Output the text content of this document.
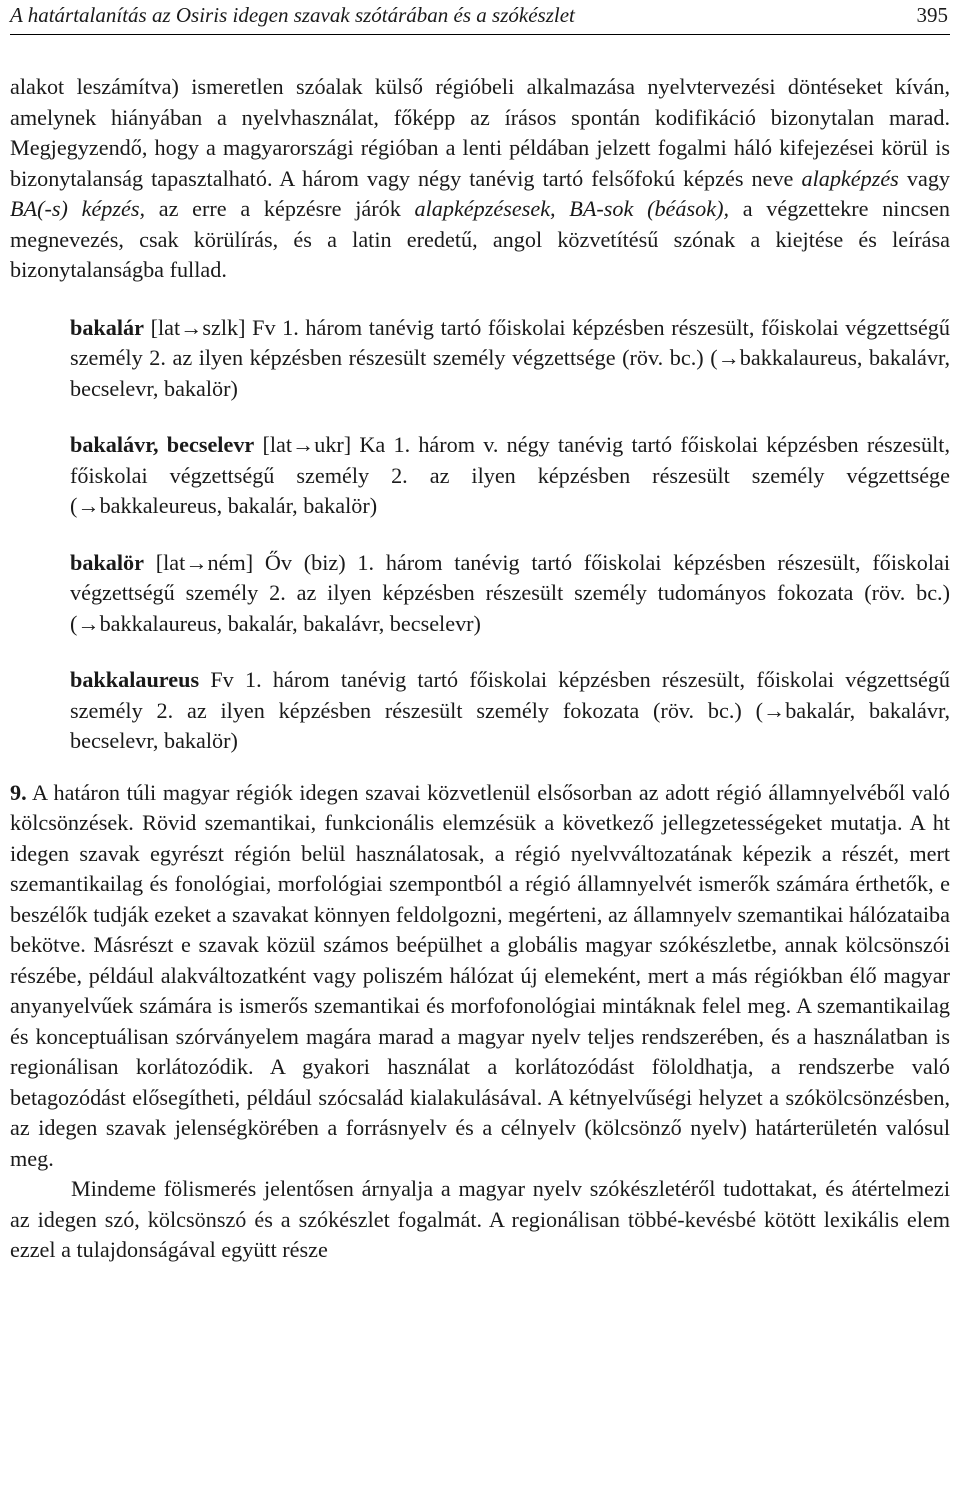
A határtalanítás az Osiris idegen szavak szótárában és a szókészlet	395

alakot leszámítva) ismeretlen szóalak külső régióbeli alkalmazása nyelvtervezési döntéseket kíván, amelynek hiányában a nyelvhasználat, főképp az írásos spontán kodifikáció bizonytalan marad. Megjegyzendő, hogy a magyarországi régióban a lenti példában jelzett fogalmi háló kifejezései körül is bizonytalanság tapasztalható. A három vagy négy tanévig tartó felsőfokú képzés neve alapképzés vagy BA(-s) képzés, az erre a képzésre járók alapképzésesek, BA-sok (béások), a végzettekre nincsen megnevezés, csak körülírás, és a latin eredetű, angol közvetítésű szónak a kiejtése és leírása bizonytalanságba fullad.

bakalár [lat→szlk] Fv 1. három tanévig tartó főiskolai képzésben részesült, főiskolai végzettségű személy 2. az ilyen képzésben részesült személy végzettsége (röv. bc.) (→bakkalaureus, bakalávr, becselevr, bakalör)

bakalávr, becselevr [lat→ukr] Ka 1. három v. négy tanévig tartó főiskolai képzésben részesült, főiskolai végzettségű személy 2. az ilyen képzésben részesült személy végzettsége (→bakkaleureus, bakalár, bakalör)

bakalör [lat→ném] Őv (biz) 1. három tanévig tartó főiskolai képzésben részesült, főiskolai végzettségű személy 2. az ilyen képzésben részesült személy tudományos fokozata (röv. bc.) (→bakkalaureus, bakalár, bakalávr, becselevr)

bakkalaureus Fv 1. három tanévig tartó főiskolai képzésben részesült, főiskolai végzettségű személy 2. az ilyen képzésben részesült személy fokozata (röv. bc.) (→bakalár, bakalávr, becselevr, bakalör)

9. A határon túli magyar régiók idegen szavai közvetlenül elsősorban az adott régió államnyelvéből való kölcsönzések. Rövid szemantikai, funkcionális elemzésük a következő jellegzetességeket mutatja. A ht idegen szavak egyrészt régión belül használatosak, a régió nyelvváltozatának képezik a részét, mert szemantikailag és fonológiai, morfológiai szempontból a régió államnyelvét ismerők számára érthetők, e beszélők tudják ezeket a szavakat könnyen feldolgozni, megérteni, az államnyelv szemantikai hálózataiba bekötve. Másrészt e szavak közül számos beépülhet a globális magyar szókészletbe, annak kölcsönszói részébe, például alakváltozatként vagy poliszém hálózat új elemeként, mert a más régiókban élő magyar anyanyelvűek számára is ismerős szemantikai és morfofonológiai mintáknak felel meg. A szemantikailag és konceptuálisan szórványelem magára marad a magyar nyelv teljes rendszerében, és a használatban is regionálisan korlátozódik. A gyakori használat a korlátozódást föloldhatja, a rendszerbe való betagozódást elősegítheti, például szócsalád kialakulásával. A kétnyelvűségi helyzet a szókölcsönzésben, az idegen szavak jelenségkörében a forrásnyelv és a célnyelv (kölcsönző nyelv) határterületén valósul meg.

Mindeme fölismerés jelentősen árnyalja a magyar nyelv szókészletéről tudottakat, és átértelmezi az idegen szó, kölcsönszó és a szókészlet fogalmát. A regionálisan többé-kevésbé kötött lexikális elem ezzel a tulajdonságával együtt része
